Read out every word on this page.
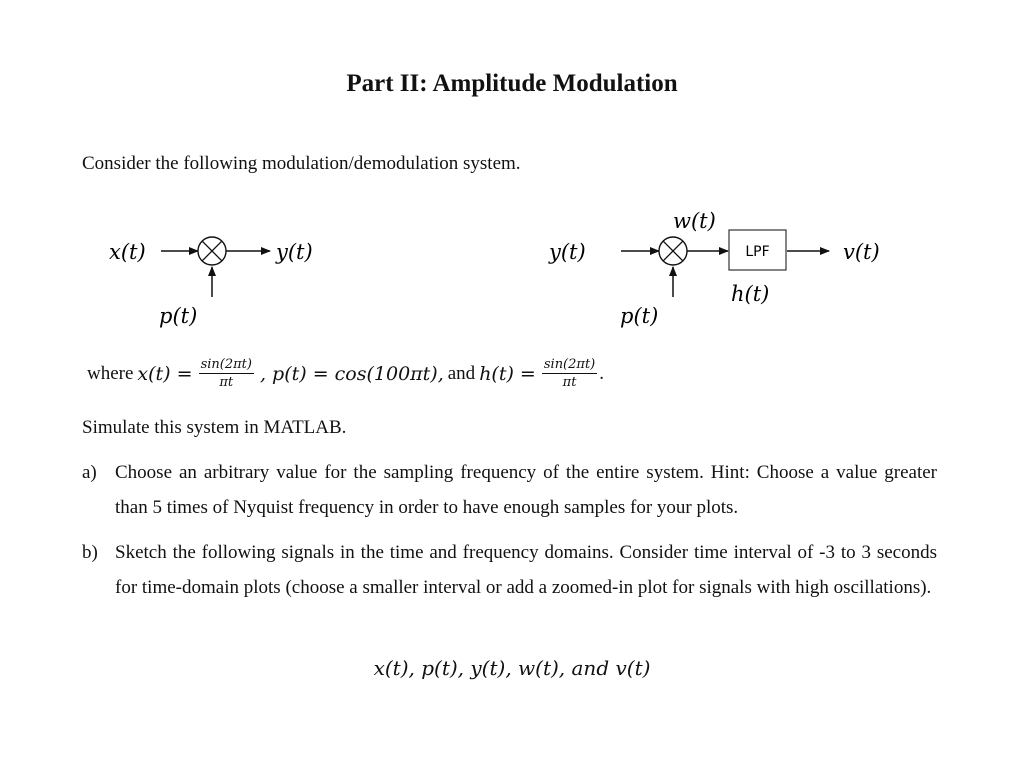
Part II: Amplitude Modulation
Consider the following modulation/demodulation system.
x(t)	y(t)
p(t)
y(t)
w(t)
p(t)
LPF
h(t)
v(t)
where $x(t) = \frac{\sin(2\pi t)}{\pi t}$ , p(t) = cos(100πt), and $h(t) = \frac{\sin(2\pi t)}{\pi t}$ .
Simulate this system in MATLAB.
a) Choose an arbitrary value for the sampling frequency of the entire system. Hint: Choose a value greater than 5 times of Nyquist frequency in order to have enough samples for your plots.
b) Sketch the following signals in the time and frequency domains. Consider time interval of -3 to 3 seconds for time-domain plots (choose a smaller interval or add a zoomed-in plot for signals with high oscillations).
x(t), p(t), y(t), w(t), and v(t)
